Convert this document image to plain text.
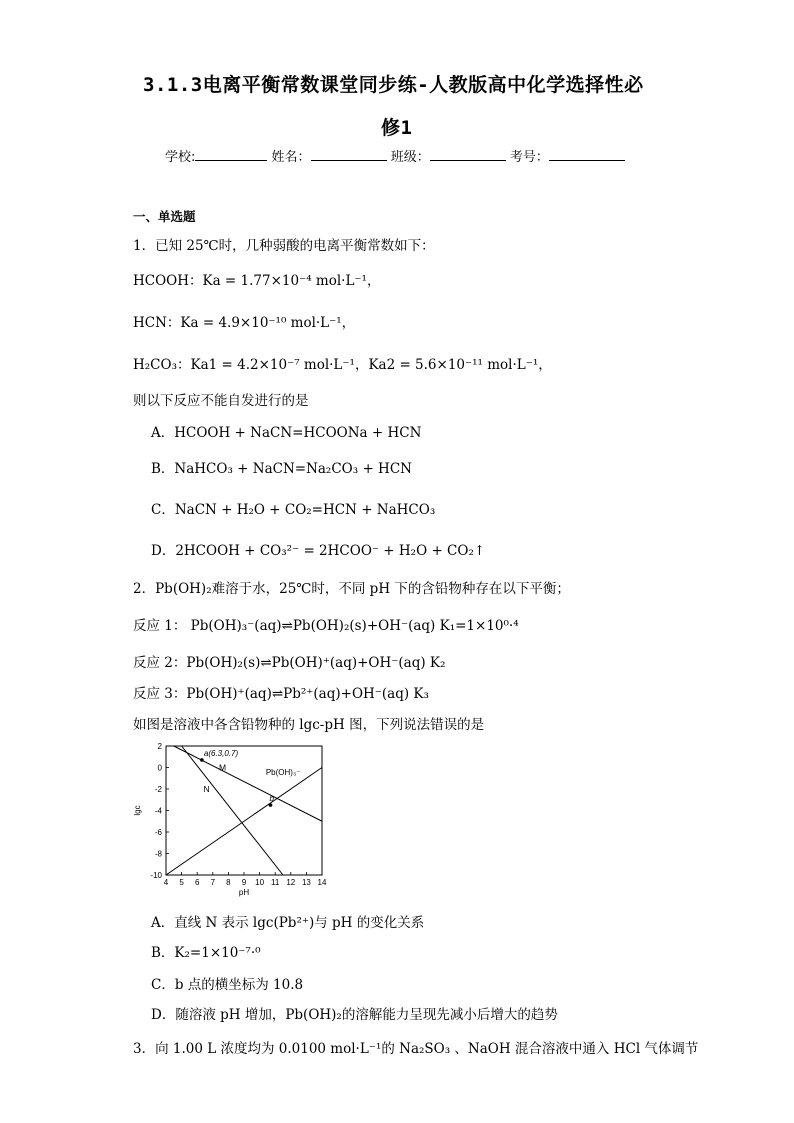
3.1.3电离平衡常数课堂同步练-人教版高中化学选择性必
修1
学校:	姓名：	班级：	考号：
一、单选题
1．已知 25℃时，几种弱酸的电离平衡常数如下：
HCOOH：Ka = 1.77×10⁻⁴ mol·L⁻¹，
HCN：Ka = 4.9×10⁻¹⁰ mol·L⁻¹，
H₂CO₃：Ka1 = 4.2×10⁻⁷ mol·L⁻¹，Ka2 = 5.6×10⁻¹¹ mol·L⁻¹，
则以下反应不能自发进行的是
A．HCOOH + NaCN=HCOONa + HCN
B．NaHCO₃ + NaCN=Na₂CO₃ + HCN
C．NaCN + H₂O + CO₂=HCN + NaHCO₃
D．2HCOOH + CO₃²⁻ = 2HCOO⁻ + H₂O + CO₂↑
2．Pb(OH)₂难溶于水，25℃时，不同 pH 下的含铅物种存在以下平衡；
反应 1： Pb(OH)₃⁻(aq)⇌Pb(OH)₂(s)+OH⁻(aq) K₁=1×10⁰·⁴
反应 2：Pb(OH)₂(s)⇌Pb(OH)⁺(aq)+OH⁻(aq) K₂
反应 3：Pb(OH)⁺(aq)⇌Pb²⁺(aq)+OH⁻(aq) K₃
如图是溶液中各含铅物种的 lgc-pH 图，下列说法错误的是
4 5 6 7 8 9 10 11 12 13 14
2
0
-2
-4
-6
-8
-10
pH
lgc
N
M	Pb(OH)₃⁻
a(6.3,0.7)
b
A．直线 N 表示 lgc(Pb²⁺)与 pH 的变化关系
B．K₂=1×10⁻⁷·⁰
C．b 点的横坐标为 10.8
D．随溶液 pH 增加，Pb(OH)₂的溶解能力呈现先减小后增大的趋势
3．向 1.00 L 浓度均为 0.0100 mol·L⁻¹的 Na₂SO₃ 、NaOH 混合溶液中通入 HCl 气体调节
